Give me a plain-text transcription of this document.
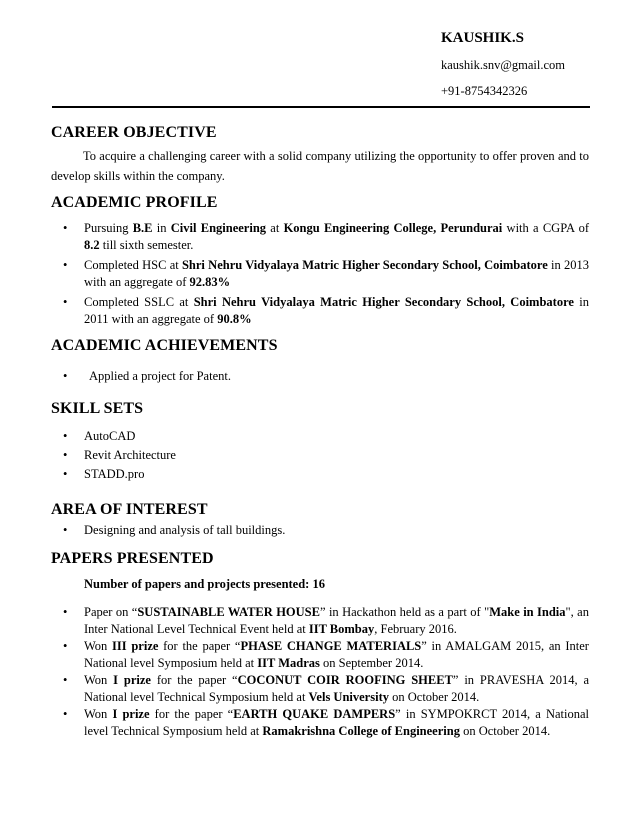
KAUSHIK.S

kaushik.snv@gmail.com

+91-8754342326

CAREER OBJECTIVE

To acquire a challenging career with a solid company utilizing the opportunity to offer proven and to develop skills within the company.

ACADEMIC PROFILE
• Pursuing B.E in Civil Engineering at Kongu Engineering College, Perundurai with a CGPA of 8.2 till sixth semester.
• Completed HSC at Shri Nehru Vidyalaya Matric Higher Secondary School, Coimbatore in 2013 with an aggregate of 92.83%
• Completed SSLC at Shri Nehru Vidyalaya Matric Higher Secondary School, Coimbatore in 2011 with an aggregate of 90.8%
ACADEMIC ACHIEVEMENTS
• Applied a project for Patent.
SKILL SETS
• AutoCAD
• Revit Architecture
• STADD.pro
AREA OF INTEREST
• Designing and analysis of tall buildings.
PAPERS PRESENTED

Number of papers and projects presented: 16

• Paper on “SUSTAINABLE WATER HOUSE” in Hackathon held as a part of "Make in India", an Inter National Level Technical Event held at IIT Bombay, February 2016.
• Won III prize for the paper “PHASE CHANGE MATERIALS” in AMALGAM 2015, an Inter National level Symposium held at IIT Madras on September 2014.
• Won I prize for the paper “COCONUT COIR ROOFING SHEET” in PRAVESHA 2014, a National level Technical Symposium held at Vels University on October 2014.
• Won I prize for the paper “EARTH QUAKE DAMPERS” in SYMPOKRCT 2014, a National level Technical Symposium held at Ramakrishna College of Engineering on October 2014.
